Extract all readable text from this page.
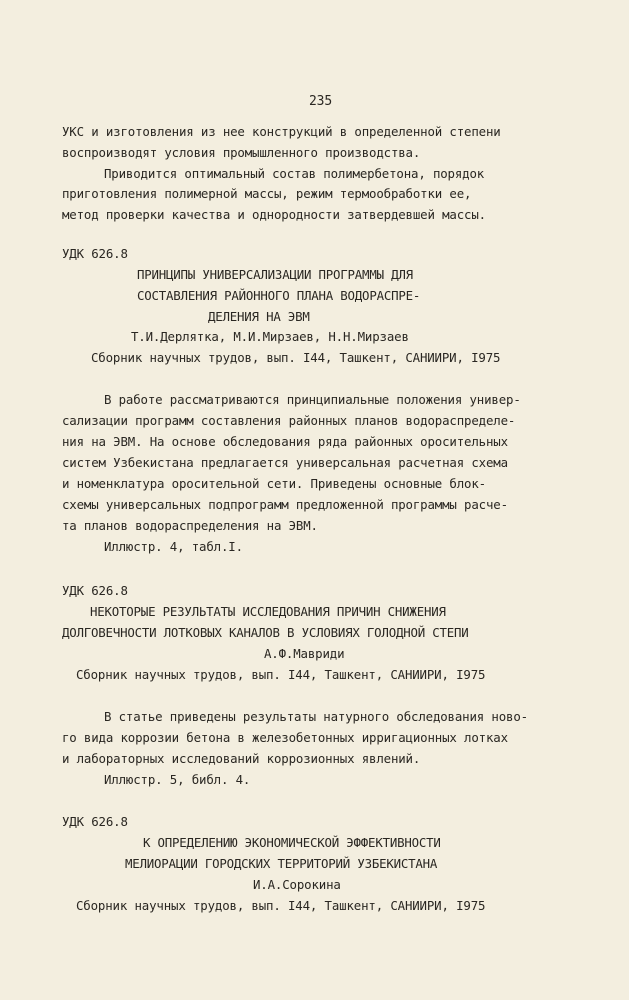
235
УКС и изготовления из нее конструкций в определенной степени
воспроизводят условия промышленного производства.
Приводится оптимальный состав полимербетона, порядок
приготовления полимерной массы, режим термообработки ее,
метод проверки качества и однородности затвердевшей массы.
УДК 626.8
ПРИНЦИПЫ УНИВЕРСАЛИЗАЦИИ ПРОГРАММЫ ДЛЯ
СОСТАВЛЕНИЯ РАЙОННОГО ПЛАНА ВОДОРАСПРЕ-
ДЕЛЕНИЯ НА ЭВМ
Т.И.Дерлятка, М.И.Мирзаев, Н.Н.Мирзаев
Сборник научных трудов, вып. I44, Ташкент, САНИИРИ, I975
В работе рассматриваются принципиальные положения универ-
сализации программ составления районных планов водораспределе-
ния на ЭВМ. На основе обследования ряда районных оросительных
систем Узбекистана предлагается универсальная расчетная схема
и номенклатура оросительной сети. Приведены основные блок-
схемы универсальных подпрограмм предложенной программы расче-
та планов водораспределения на ЭВМ.
Иллюстр. 4, табл.I.
УДК 626.8
НЕКОТОРЫЕ РЕЗУЛЬТАТЫ ИССЛЕДОВАНИЯ ПРИЧИН СНИЖЕНИЯ
ДОЛГОВЕЧНОСТИ ЛОТКОВЫХ КАНАЛОВ В УСЛОВИЯХ ГОЛОДНОЙ СТЕПИ
А.Ф.Мавриди
Сборник научных трудов, вып. I44, Ташкент, САНИИРИ, I975
В статье приведены результаты натурного обследования ново-
го вида коррозии бетона в железобетонных ирригационных лотках
и лабораторных исследований коррозионных явлений.
Иллюстр. 5, библ. 4.
УДК 626.8
К ОПРЕДЕЛЕНИЮ ЭКОНОМИЧЕСКОЙ ЭФФЕКТИВНОСТИ
МЕЛИОРАЦИИ ГОРОДСКИХ ТЕРРИТОРИЙ УЗБЕКИСТАНА
И.А.Сорокина
Сборник научных трудов, вып. I44, Ташкент, САНИИРИ, I975
